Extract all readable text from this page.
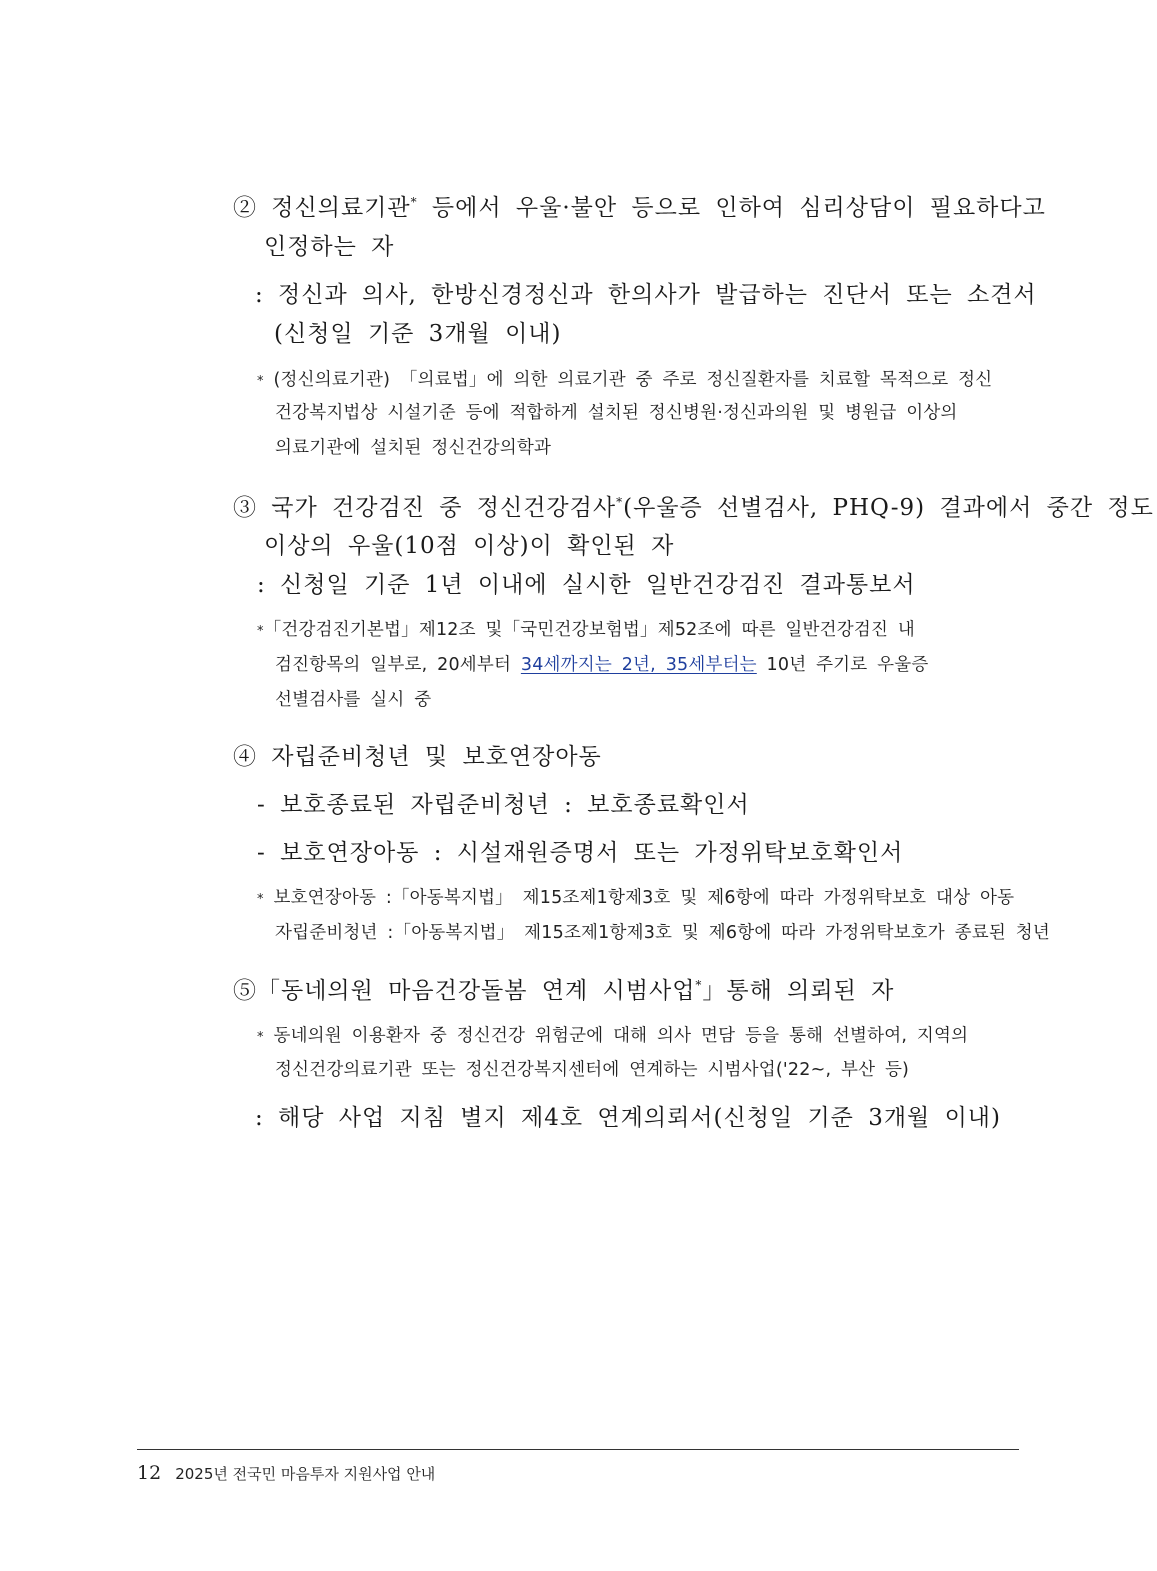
② 정신의료기관* 등에서 우울·불안 등으로 인하여 심리상담이 필요하다고
인정하는 자
: 정신과 의사, 한방신경정신과 한의사가 발급하는 진단서 또는 소견서
(신청일 기준 3개월 이내)
* (정신의료기관) 「의료법」에 의한 의료기관 중 주로 정신질환자를 치료할 목적으로 정신
건강복지법상 시설기준 등에 적합하게 설치된 정신병원·정신과의원 및 병원급 이상의
의료기관에 설치된 정신건강의학과
③ 국가 건강검진 중 정신건강검사*(우울증 선별검사, PHQ-9) 결과에서 중간 정도
이상의 우울(10점 이상)이 확인된 자
: 신청일 기준 1년 이내에 실시한 일반건강검진 결과통보서
*「건강검진기본법」제12조 및「국민건강보험법」제52조에 따른 일반건강검진 내
검진항목의 일부로, 20세부터 34세까지는 2년, 35세부터는 10년 주기로 우울증
선별검사를 실시 중
④ 자립준비청년 및 보호연장아동
- 보호종료된 자립준비청년 : 보호종료확인서
- 보호연장아동 : 시설재원증명서 또는 가정위탁보호확인서
* 보호연장아동 :「아동복지법」 제15조제1항제3호 및 제6항에 따라 가정위탁보호 대상 아동
자립준비청년 :「아동복지법」 제15조제1항제3호 및 제6항에 따라 가정위탁보호가 종료된 청년
⑤「동네의원 마음건강돌봄 연계 시범사업*」통해 의뢰된 자
* 동네의원 이용환자 중 정신건강 위험군에 대해 의사 면담 등을 통해 선별하여, 지역의
정신건강의료기관 또는 정신건강복지센터에 연계하는 시범사업('22~, 부산 등)
: 해당 사업 지침 별지 제4호 연계의뢰서(신청일 기준 3개월 이내)
12 2025년 전국민 마음투자 지원사업 안내
